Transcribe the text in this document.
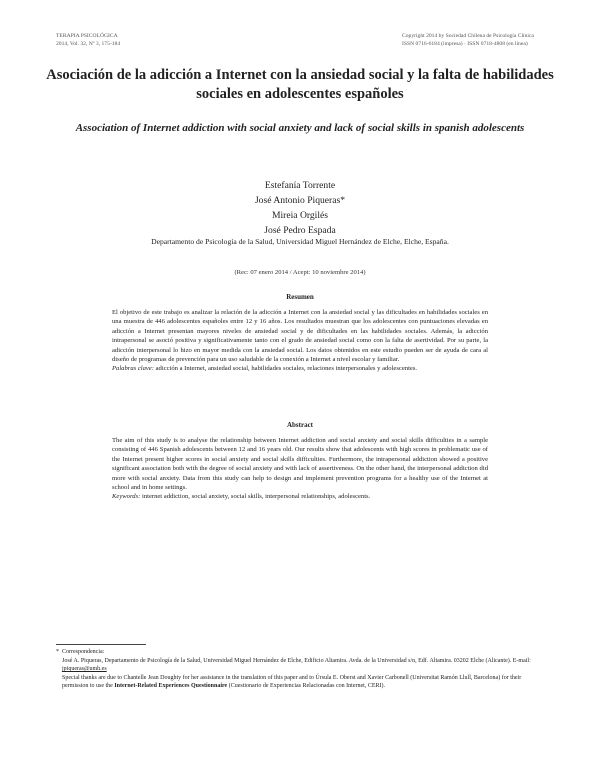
TERAPIA PSICOLÓGICA
2014, Vol. 32, Nº 3, 175-184
Copyright 2014 by Sociedad Chilena de Psicología Clínica
ISSN 0716-6184 (impresa) · ISSN 0718-4808 (en línea)
Asociación de la adicción a Internet con la ansiedad social y la falta de habilidades sociales en adolescentes españoles
Association of Internet addiction with social anxiety and lack of social skills in spanish adolescents
Estefanía Torrente
José Antonio Piqueras*
Mireia Orgilés
José Pedro Espada
Departamento de Psicología de la Salud, Universidad Miguel Hernández de Elche, Elche, España.
(Rec: 07 enero 2014 / Acept: 10 noviembre 2014)
Resumen

El objetivo de este trabajo es analizar la relación de la adicción a Internet con la ansiedad social y las dificultades en habilidades sociales en una muestra de 446 adolescentes españoles entre 12 y 16 años. Los resultados muestran que los adolescentes con puntuaciones elevadas en adicción a Internet presentan mayores niveles de ansiedad social y de dificultades en las habilidades sociales. Además, la adicción intrapersonal se asoció positiva y significativamente tanto con el grado de ansiedad social como con la falta de asertividad. Por su parte, la adicción interpersonal lo hizo en mayor medida con la ansiedad social. Los datos obtenidos en este estudio pueden ser de ayuda de cara al diseño de programas de prevención para un uso saludable de la conexión a Internet a nivel escolar y familiar.

Palabras clave: adicción a Internet, ansiedad social, habilidades sociales, relaciones interpersonales y adolescentes.

Abstract

The aim of this study is to analyse the relationship between Internet addiction and social anxiety and social skills difficulties in a sample consisting of 446 Spanish adolescents between 12 and 16 years old. Our results show that adolescents with high scores in problematic use of the Internet present higher scores in social anxiety and social skills difficulties. Furthermore, the intrapersonal addiction showed a positive significant association both with the degree of social anxiety and with lack of assertiveness. On the other hand, the interpersonal addiction did more with social anxiety. Data from this study can help to design and implement prevention programs for a healthy use of the Internet at school and in home settings.

Keywords: internet addiction, social anxiety, social skills, interpersonal relationships, adolescents.

* Correspondencia:

José A. Piqueras, Departamento de Psicología de la Salud, Universidad Miguel Hernández de Elche, Edificio Altamira. Avda. de la Universidad s/n, Edf. Altamira. 03202 Elche (Alicante). E-mail: jpiqueras@umh.es

Special thanks are due to Chantelle Jean Doughty for her assistance in the translation of this paper and to Úrsula E. Oberst and Xavier Carbonell (Universitat Ramón Llull, Barcelona) for their permission to use the Internet-Related Experiences Questionnaire (Cuestionario de Experiencias Relacionadas con Internet, CERI).
